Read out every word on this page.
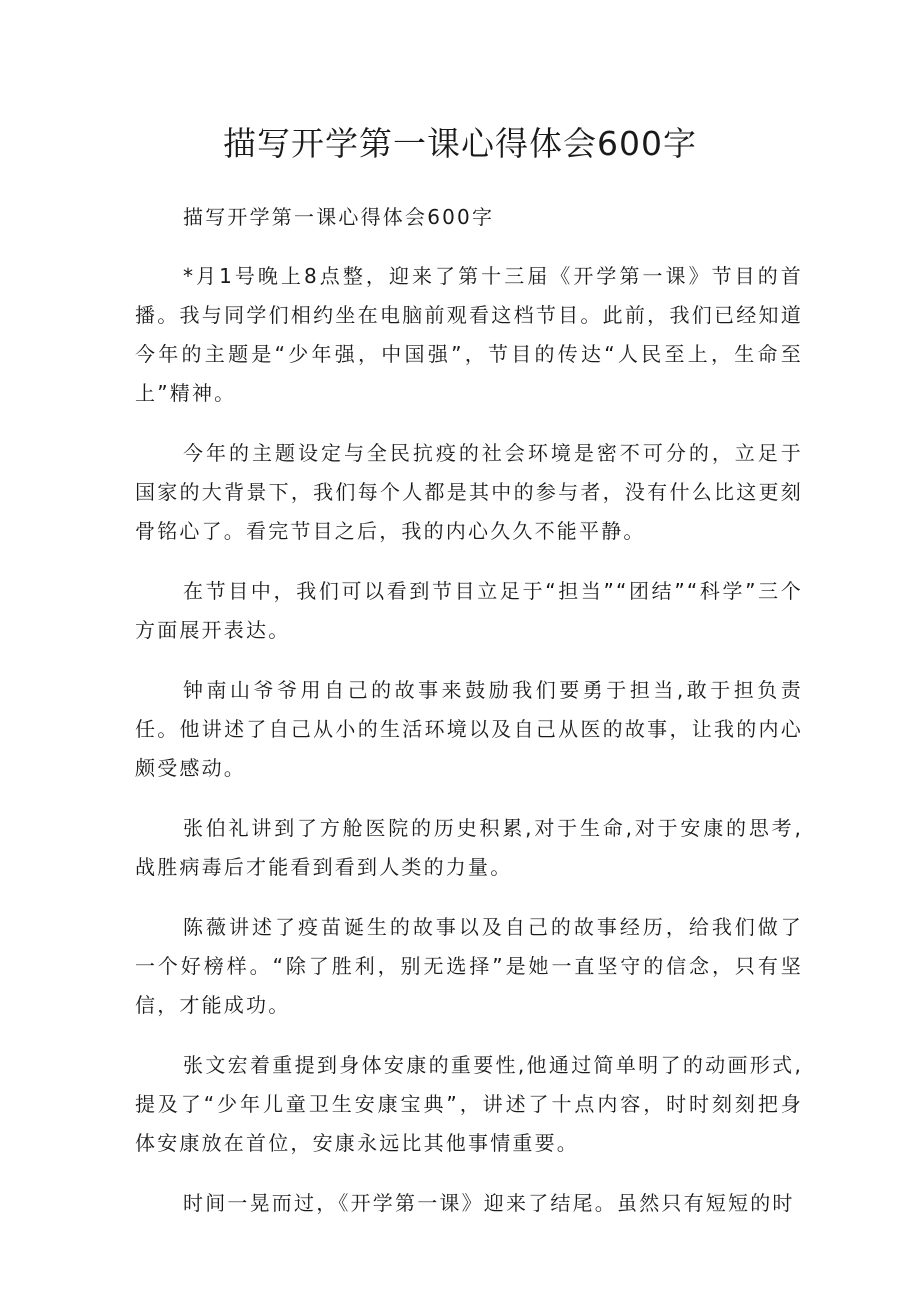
描写开学第一课心得体会600字

描写开学第一课心得体会600字

*月1号晚上8点整，迎来了第十三届《开学第一课》节目的首播。我与同学们相约坐在电脑前观看这档节目。此前，我们已经知道今年的主题是“少年强，中国强”，节目的传达“人民至上，生命至上”精神。

今年的主题设定与全民抗疫的社会环境是密不可分的，立足于国家的大背景下，我们每个人都是其中的参与者，没有什么比这更刻骨铭心了。看完节目之后，我的内心久久不能平静。

在节目中，我们可以看到节目立足于“担当”“团结”“科学”三个方面展开表达。

钟南山爷爷用自己的故事来鼓励我们要勇于担当,敢于担负责任。他讲述了自己从小的生活环境以及自己从医的故事，让我的内心颇受感动。

张伯礼讲到了方舱医院的历史积累,对于生命,对于安康的思考,战胜病毒后才能看到看到人类的力量。

陈薇讲述了疫苗诞生的故事以及自己的故事经历，给我们做了一个好榜样。“除了胜利，别无选择”是她一直坚守的信念，只有坚信，才能成功。

张文宏着重提到身体安康的重要性,他通过简单明了的动画形式,提及了“少年儿童卫生安康宝典”，讲述了十点内容，时时刻刻把身体安康放在首位，安康永远比其他事情重要。

时间一晃而过，《开学第一课》迎来了结尾。虽然只有短短的时
